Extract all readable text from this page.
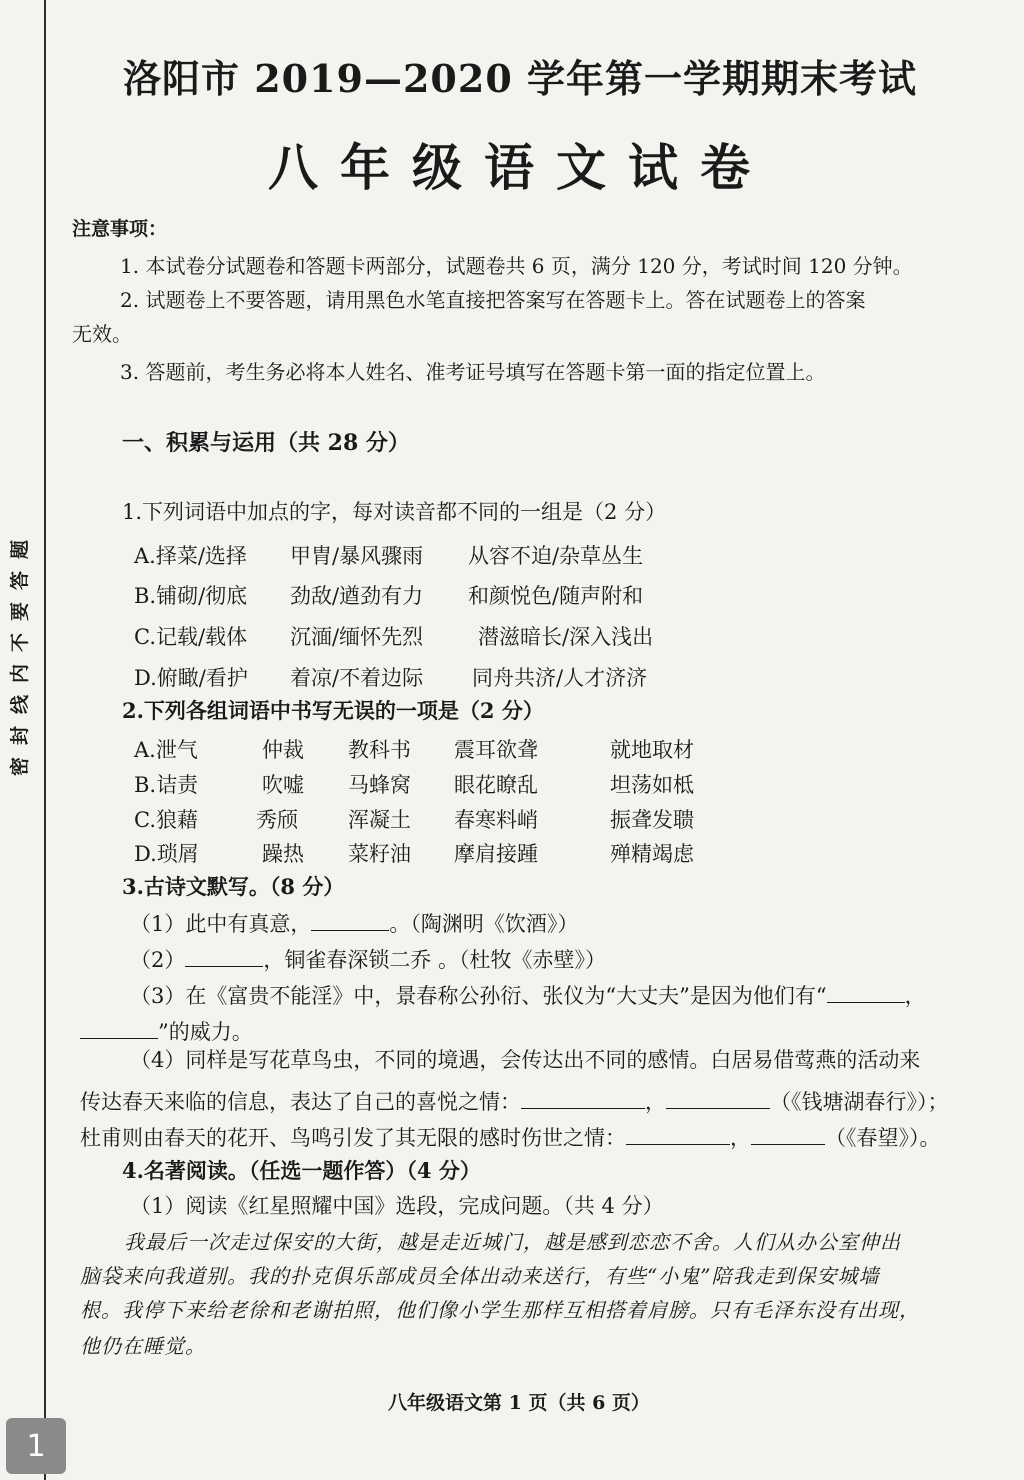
题
答
要
不
内
线
封
密
洛阳市 2019—2020 学年第一学期期末考试
八年级语文试卷
注意事项：
1. 本试卷分试题卷和答题卡两部分，试题卷共 6 页，满分 120 分，考试时间 120 分钟。
2. 试题卷上不要答题，请用黑色水笔直接把答案写在答题卡上。答在试题卷上的答案
无效。
3. 答题前，考生务必将本人姓名、准考证号填写在答题卡第一面的指定位置上。
一、积累与运用（共 28 分）
1.下列词语中加点的字，每对读音都不同的一组是（2 分）
A.择菜/选择 甲胄/暴风骤雨 从容不迫/杂草丛生
B.铺砌/彻底 劲敌/遒劲有力 和颜悦色/随声附和
C.记载/载体 沉湎/缅怀先烈	潜滋暗长/深入浅出
D.俯瞰/看护 着凉/不着边际 同舟共济/人才济济
2.下列各组词语中书写无误的一项是（2 分）
A.泄气	仲裁 教科书 震耳欲聋	就地取材
B.诘责	吹嘘 马蜂窝 眼花瞭乱	坦荡如柢
C.狼藉	秀颀 浑凝土 春寒料峭	振聋发聩
D.琐屑	躁热 菜籽油 摩肩接踵	殚精竭虑
3.古诗文默写。（8 分）
（1）此中有真意，	。（陶渊明《饮酒》）
（2）	，铜雀春深锁二乔 。（杜牧《赤壁》）
（3）在《富贵不能淫》中，景春称公孙衍、张仪为“大丈夫”是因为他们有“	，
”的威力。
（4）同样是写花草鸟虫，不同的境遇，会传达出不同的感情。白居易借莺燕的活动来
传达春天来临的信息，表达了自己的喜悦之情：	，	（《钱塘湖春行》）；
杜甫则由春天的花开、鸟鸣引发了其无限的感时伤世之情：	，	（《春望》）。
4.名著阅读。（任选一题作答）（4 分）
（1）阅读《红星照耀中国》选段，完成问题。（共 4 分）
我最后一次走过保安的大街，越是走近城门，越是感到恋恋不舍。人们从办公室伸出
脑袋来向我道别。我的扑克俱乐部成员全体出动来送行，有些“小鬼”陪我走到保安城墙
根。我停下来给老徐和老谢拍照，他们像小学生那样互相搭着肩膀。只有毛泽东没有出现，
他仍在睡觉。
八年级语文第 1 页（共 6 页）
1
